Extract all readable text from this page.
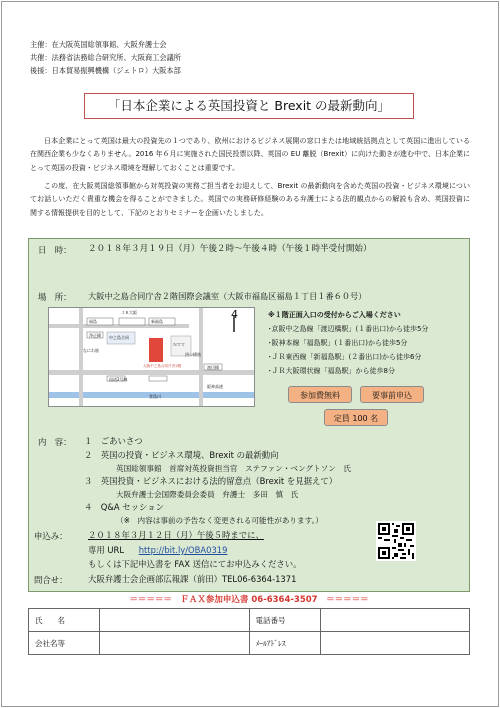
主催：在大阪英国総領事館、大阪弁護士会
共催：法務省法務総合研究所、大阪商工会議所
後援：日本貿易振興機構（ジェトロ）大阪本部
「日本企業による英国投資と Brexit の最新動向」
日本企業にとって英国は最大の投資先の１つであり、欧州におけるビジネス展開の窓口または地域統括拠点として英国に進出している在関西企業も少なくありません。2016 年６月に実施された国民投票以降、英国の EU 離脱（Brexit）に向けた動きが進む中で、日本企業にとって英国の投資・ビジネス環境を理解しておくことは重要です。
この度、在大阪英国総領事館から対英投資の実務ご担当者をお迎えして、Brexit の最新動向を含めた英国の投資・ビジネス環境についてお話しいただく貴重な機会を得ることができました。英国での実務研修経験のある弁護士による法的観点からの解説も含め、英国投資に関する情報提供を目的として、下記のとおりセミナーを企画いたしました。
日　時： ２０１８年３月１９日（月）午後２時〜午後４時（午後１時半受付開始）
場　所： 大阪中之島合同庁舎２階国際会議室（大阪市福島区福島１丁目１番６０号）
ＪＲ大阪
中之島合同
大阪中之島合同庁舎2階
福島	新福島
ＮＴＴ
阪神高速
浄正橋
渡辺橋
四つ橋筋
なにわ筋
国道2号線
堂島川
4	※１階正面入口の受付からご入場ください
･京阪中之島線「渡辺橋駅」(１番出口)から徒歩5分
･阪神本線「福島駅」(１番出口)から徒歩5分
･ＪＲ東西線「新福島駅」(２番出口)から徒歩6分
･ＪＲ大阪環状線「福島駅」から徒歩8分
参加費無料	要事前申込
定員 100 名
内　容： １　 ごあいさつ
２　 英国の投資・ビジネス環境、Brexit の最新動向
英国総領事館　首席対英投資担当官　ステファン・ベングトソン　氏
３　 英国投資・ビジネスにおける法的留意点（Brexit を見据えて）
大阪弁護士会国際委員会委員　弁護士　多田　慎　氏
４　 Q&A セッション
（※　内容は事前の予告なく変更される可能性があります。）
申込み： ２０１８年３月１２日（月）午後５時までに、
専用 URL http://bit.ly/OBA0319
もしくは下記申込書を FAX 送信にてお申込みください。
問合せ： 大阪弁護士会企画部広報課（前田）TEL06-6364-1371
＝＝＝＝＝　ＦＡＸ参加申込書 06-6364-3507　＝＝＝＝＝
氏　　名		電話番号	
会社名等		ﾒｰﾙｱﾄﾞﾚｽ	
